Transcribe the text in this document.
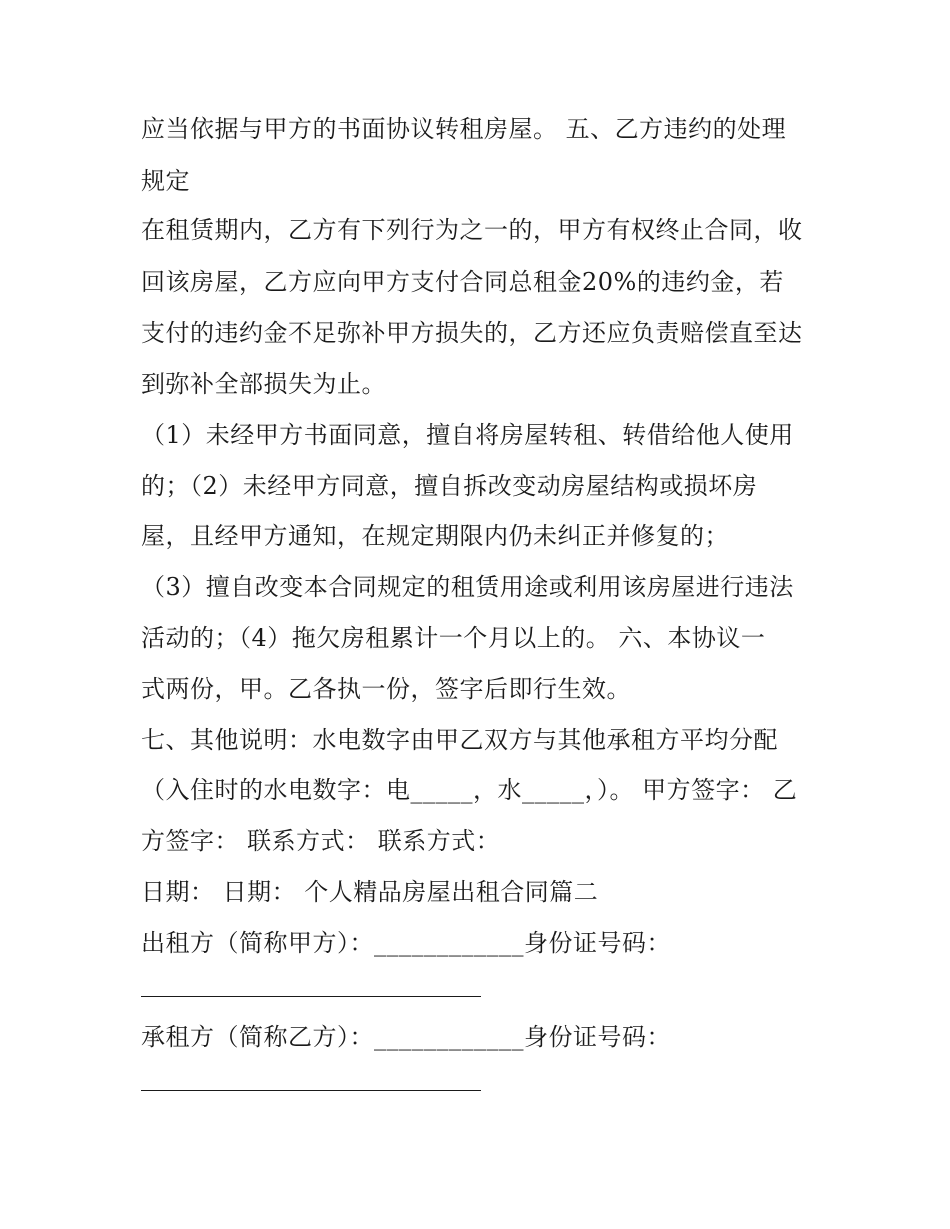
应当依据与甲方的书面协议转租房屋。 五、乙方违约的处理
规定
在租赁期内，乙方有下列行为之一的，甲方有权终止合同，收
回该房屋，乙方应向甲方支付合同总租金20%的违约金，若
支付的违约金不足弥补甲方损失的，乙方还应负责赔偿直至达
到弥补全部损失为止。
（1）未经甲方书面同意，擅自将房屋转租、转借给他人使用
的；（2）未经甲方同意，擅自拆改变动房屋结构或损坏房
屋，且经甲方通知，在规定期限内仍未纠正并修复的；
（3）擅自改变本合同规定的租赁用途或利用该房屋进行违法
活动的；（4）拖欠房租累计一个月以上的。 六、本协议一
式两份，甲。乙各执一份，签字后即行生效。
七、其他说明：水电数字由甲乙双方与其他承租方平均分配
（入住时的水电数字：电_____，水_____，）。 甲方签字： 乙
方签字： 联系方式： 联系方式：
日期： 日期： 个人精品房屋出租合同篇二
出租方（简称甲方）：____________身份证号码：
承租方（简称乙方）：____________身份证号码：
